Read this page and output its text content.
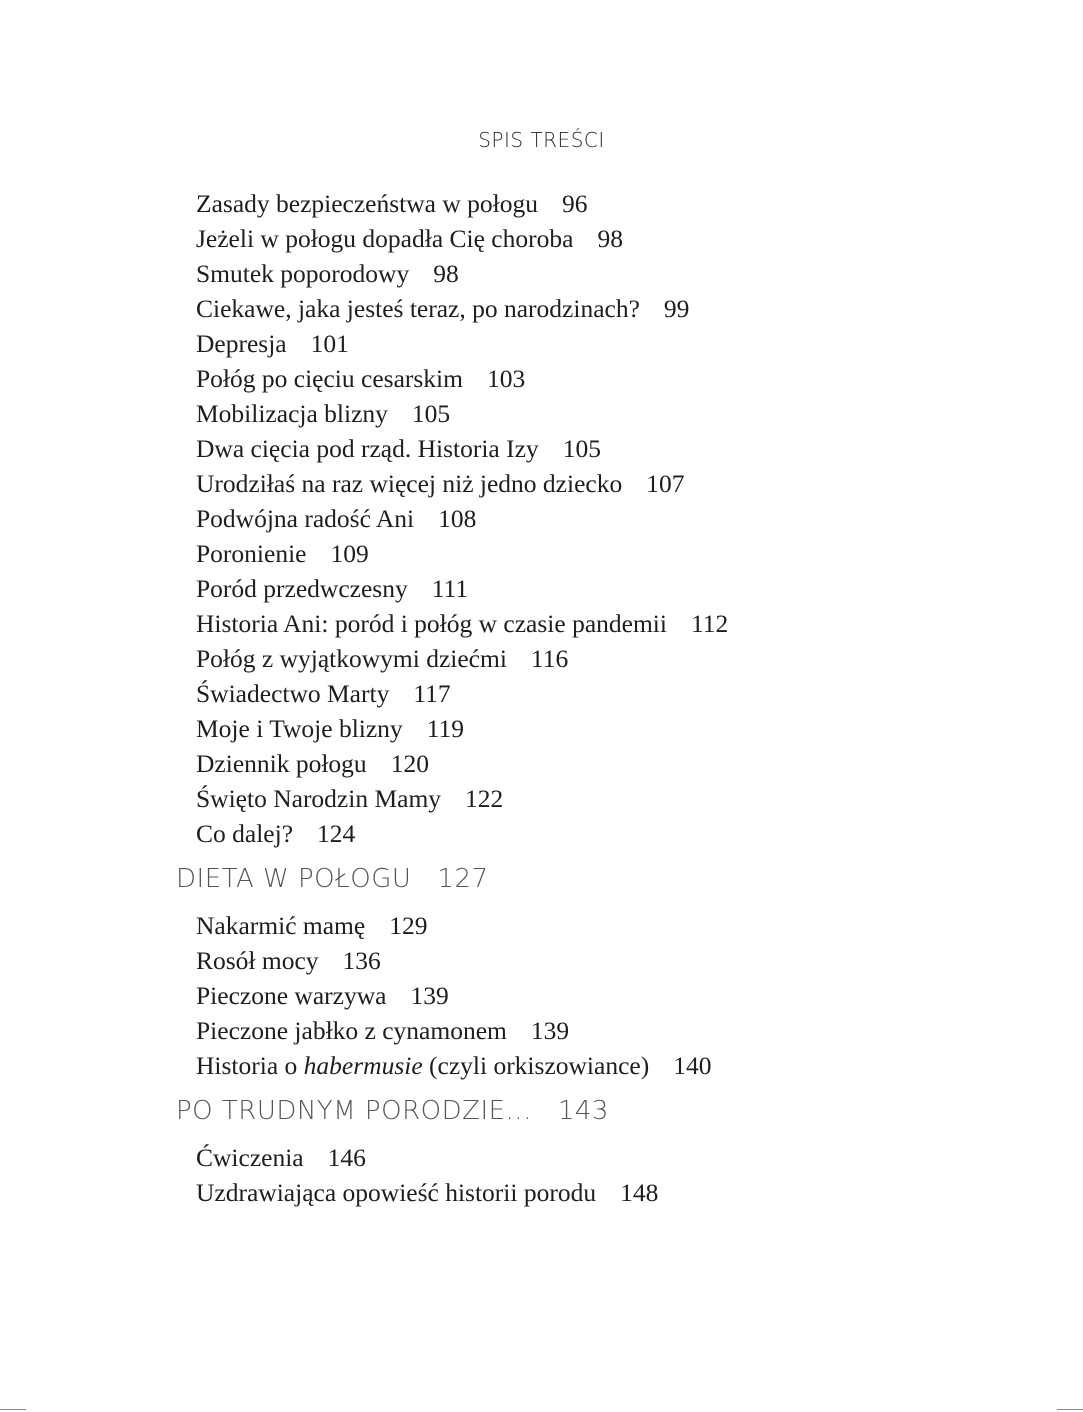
SPIS TREŚCI
Zasady bezpieczeństwa w połogu 96
Jeżeli w połogu dopadła Cię choroba 98
Smutek poporodowy 98
Ciekawe, jaka jesteś teraz, po narodzinach? 99
Depresja 101
Połóg po cięciu cesarskim 103
Mobilizacja blizny 105
Dwa cięcia pod rząd. Historia Izy 105
Urodziłaś na raz więcej niż jedno dziecko 107
Podwójna radość Ani 108
Poronienie 109
Poród przedwczesny 111
Historia Ani: poród i połóg w czasie pandemii 112
Połóg z wyjątkowymi dziećmi 116
Świadectwo Marty 117
Moje i Twoje blizny 119
Dziennik połogu 120
Święto Narodzin Mamy 122
Co dalej? 124
DIETA W POŁOGU 127
Nakarmić mamę 129
Rosół mocy 136
Pieczone warzywa 139
Pieczone jabłko z cynamonem 139
Historia o habermusie (czyli orkiszowiance) 140
PO TRUDNYM PORODZIE... 143
Ćwiczenia 146
Uzdrawiająca opowieść historii porodu 148
